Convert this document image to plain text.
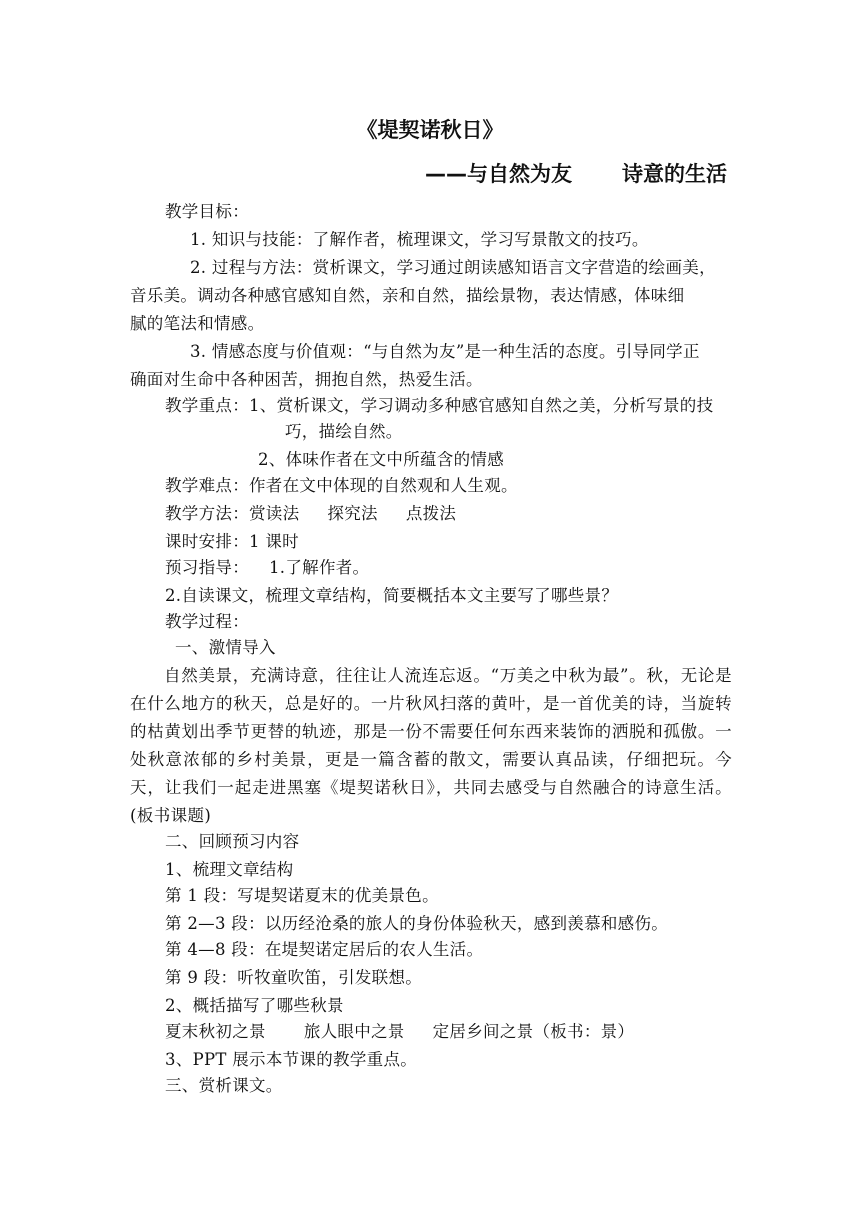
《堤契诺秋日》
——与自然为友 诗意的生活
教学目标：
1. 知识与技能：了解作者，梳理课文，学习写景散文的技巧。
2. 过程与方法：赏析课文，学习通过朗读感知语言文字营造的绘画美，
音乐美。调动各种感官感知自然，亲和自然，描绘景物，表达情感，体味细
腻的笔法和情感。
3. 情感态度与价值观：“与自然为友”是一种生活的态度。引导同学正
确面对生命中各种困苦，拥抱自然，热爱生活。
教学重点：1、赏析课文，学习调动多种感官感知自然之美，分析写景的技
巧，描绘自然。
2、体味作者在文中所蕴含的情感
教学难点：作者在文中体现的自然观和人生观。
教学方法：赏读法 探究法 点拨法
课时安排：1 课时
预习指导： 1.了解作者。
2.自读课文，梳理文章结构，简要概括本文主要写了哪些景？
教学过程：
一、激情导入
自然美景，充满诗意，往往让人流连忘返。“万美之中秋为最”。秋，无论是在什么地方的秋天，总是好的。一片秋风扫落的黄叶，是一首优美的诗，当旋转的枯黄划出季节更替的轨迹，那是一份不需要任何东西来装饰的洒脱和孤傲。一处秋意浓郁的乡村美景，更是一篇含蓄的散文，需要认真品读，仔细把玩。今天，让我们一起走进黑塞《堤契诺秋日》，共同去感受与自然融合的诗意生活。(板书课题)
二、回顾预习内容
1、梳理文章结构
第 1 段：写堤契诺夏末的优美景色。
第 2—3 段：以历经沧桑的旅人的身份体验秋天，感到羡慕和感伤。
第 4—8 段：在堤契诺定居后的农人生活。
第 9 段：听牧童吹笛，引发联想。
2、概括描写了哪些秋景
夏末秋初之景 旅人眼中之景 定居乡间之景（板书：景）
3、PPT 展示本节课的教学重点。
三、赏析课文。
